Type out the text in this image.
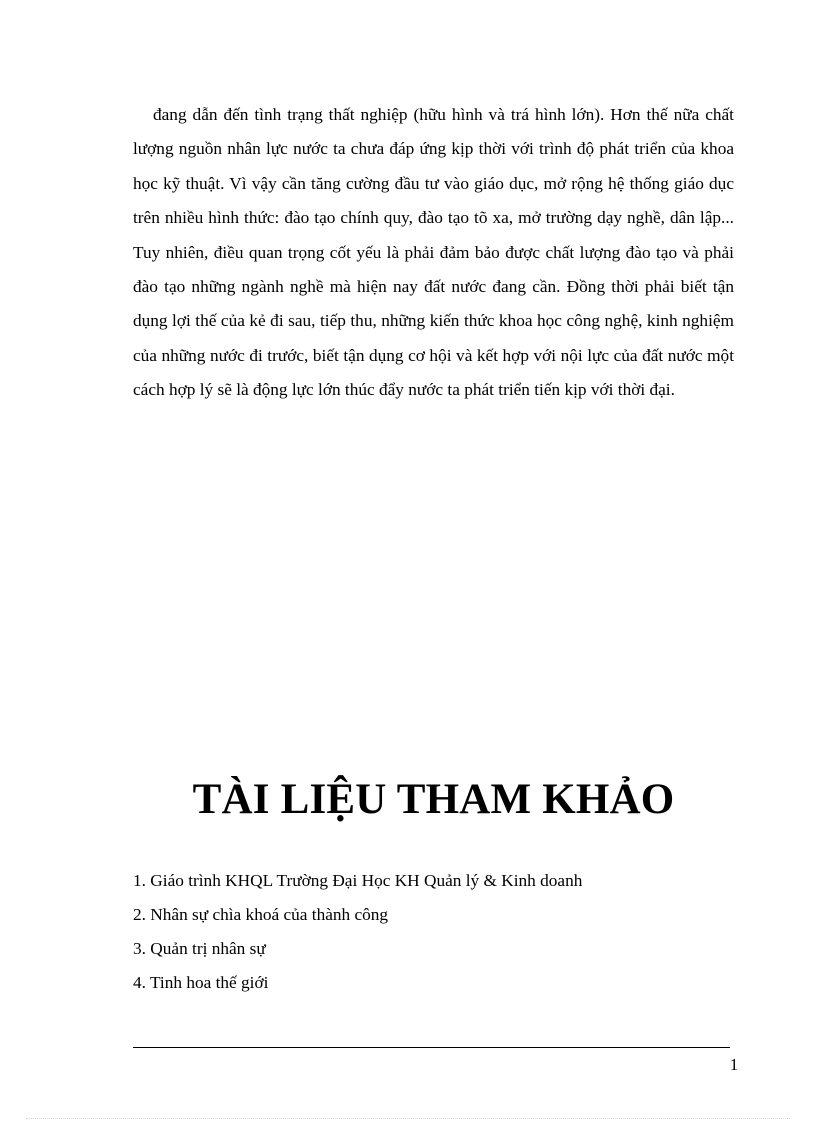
đang dẫn đến tình trạng thất nghiệp (hữu hình và trá hình lớn). Hơn thế nữa chất lượng nguồn nhân lực nước ta chưa đáp ứng kịp thời với trình độ phát triển của khoa học kỹ thuật. Vì vậy cần tăng cường đầu tư vào giáo dục, mở rộng hệ thống giáo dục trên nhiều hình thức: đào tạo chính quy, đào tạo tõ xa, mở trường dạy nghề, dân lập... Tuy nhiên, điều quan trọng cốt yếu là phải đảm bảo được chất lượng đào tạo và phải đào tạo những ngành nghề mà hiện nay đất nước đang cần. Đồng thời phải biết tận dụng lợi thế của kẻ đi sau, tiếp thu, những kiến thức khoa học công nghệ, kinh nghiệm của những nước đi trước, biết tận dụng cơ hội và kết hợp với nội lực của đất nước một cách hợp lý sẽ là động lực lớn thúc đẩy nước ta phát triển tiến kịp với thời đại.

TÀI LIỆU THAM KHẢO
1. Giáo trình KHQL Trường Đại Học KH Quản lý & Kinh doanh
2. Nhân sự chìa khoá của thành công
3. Quản trị nhân sự
4. Tinh hoa thế giới
1
